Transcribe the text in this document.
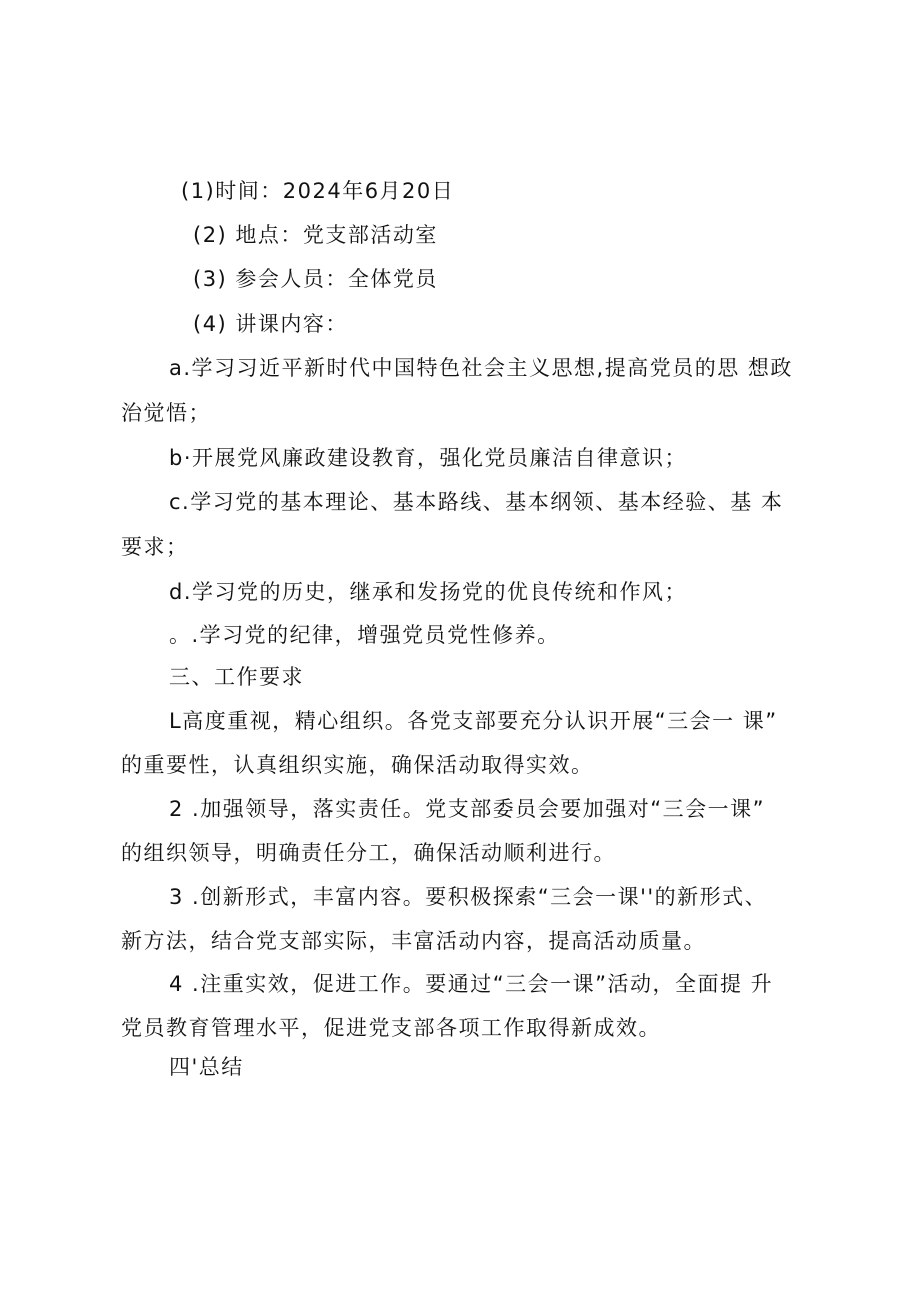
(1)时间：2024年6月20日
(2) 地点：党支部活动室
(3) 参会人员：全体党员
(4) 讲课内容：
a.学习习近平新时代中国特色社会主义思想,提高党员的思 想政
治觉悟；
b·开展党风廉政建设教育，强化党员廉洁自律意识；
c.学习党的基本理论、基本路线、基本纲领、基本经验、基 本
要求；
d.学习党的历史，继承和发扬党的优良传统和作风；
。.学习党的纪律，增强党员党性修养。
三、工作要求
L高度重视，精心组织。各党支部要充分认识开展“三会一 课”
的重要性，认真组织实施，确保活动取得实效。
2 .加强领导，落实责任。党支部委员会要加强对“三会一课”
的组织领导，明确责任分工，确保活动顺利进行。
3 .创新形式，丰富内容。要积极探索“三会一课''的新形式、
新方法，结合党支部实际，丰富活动内容，提高活动质量。
4 .注重实效，促进工作。要通过“三会一课”活动，全面提 升
党员教育管理水平，促进党支部各项工作取得新成效。
四'总结
